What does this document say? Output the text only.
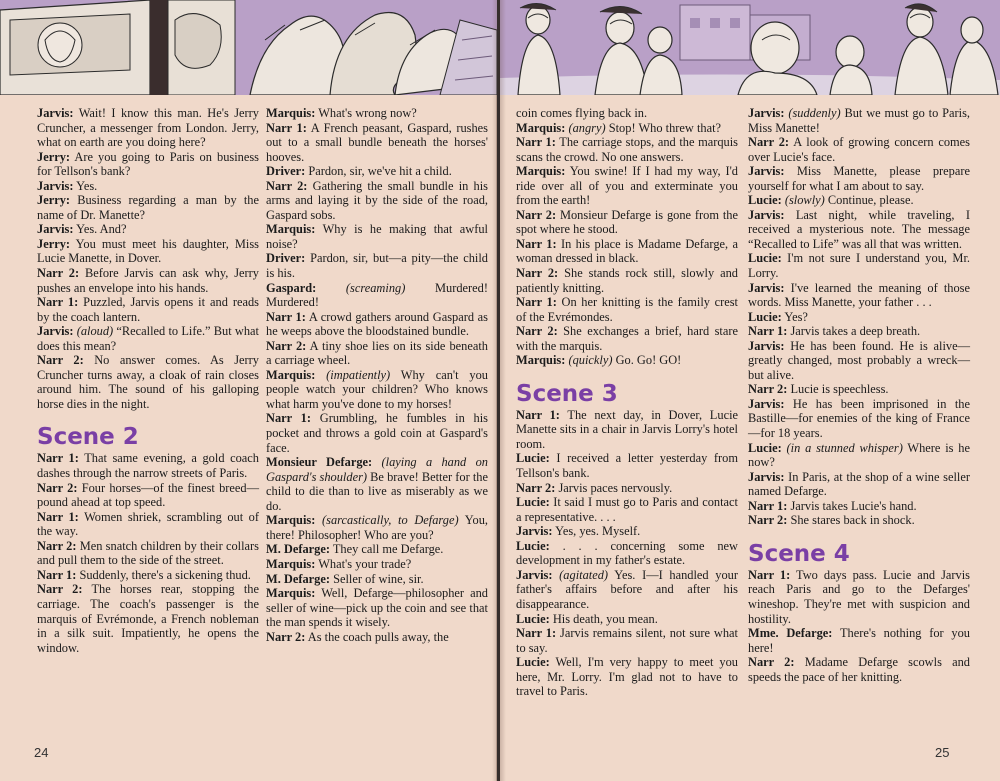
Jarvis: Wait! I know this man. He's Jerry Cruncher, a messenger from London. Jerry, what on earth are you doing here?

Jerry: Are you going to Paris on business for Tellson's bank?

Jarvis: Yes.

Jerry: Business regarding a man by the name of Dr. Manette?

Jarvis: Yes. And?

Jerry: You must meet his daughter, Miss Lucie Manette, in Dover.

Narr 2: Before Jarvis can ask why, Jerry pushes an envelope into his hands.

Narr 1: Puzzled, Jarvis opens it and reads by the coach lantern.

Jarvis: (aloud) “Recalled to Life.” But what does this mean?

Narr 2: No answer comes. As Jerry Cruncher turns away, a cloak of rain closes around him. The sound of his galloping horse dies in the night.

Scene 2

Narr 1: That same evening, a gold coach dashes through the narrow streets of Paris.

Narr 2: Four horses—of the finest breed—pound ahead at top speed.

Narr 1: Women shriek, scrambling out of the way.

Narr 2: Men snatch children by their collars and pull them to the side of the street.

Narr 1: Suddenly, there's a sickening thud.

Narr 2: The horses rear, stopping the carriage. The coach's passenger is the marquis of Evrémonde, a French nobleman in a silk suit. Impatiently, he opens the window.

Marquis: What's wrong now?

Narr 1: A French peasant, Gaspard, rushes out to a small bundle beneath the horses' hooves.

Driver: Pardon, sir, we've hit a child.

Narr 2: Gathering the small bundle in his arms and laying it by the side of the road, Gaspard sobs.

Marquis: Why is he making that awful noise?

Driver: Pardon, sir, but—a pity—the child is his.

Gaspard: (screaming) Murdered! Murdered!

Narr 1: A crowd gathers around Gaspard as he weeps above the bloodstained bundle.

Narr 2: A tiny shoe lies on its side beneath a carriage wheel.

Marquis: (impatiently) Why can't you people watch your children? Who knows what harm you've done to my horses!

Narr 1: Grumbling, he fumbles in his pocket and throws a gold coin at Gaspard's face.

Monsieur Defarge: (laying a hand on Gaspard's shoulder) Be brave! Better for the child to die than to live as miserably as we do.

Marquis: (sarcastically, to Defarge) You, there! Philosopher! Who are you?

M. Defarge: They call me Defarge.

Marquis: What's your trade?

M. Defarge: Seller of wine, sir.

Marquis: Well, Defarge—philosopher and seller of wine—pick up the coin and see that the man spends it wisely.

Narr 2: As the coach pulls away, the

coin comes flying back in.

Marquis: (angry) Stop! Who threw that?

Narr 1: The carriage stops, and the marquis scans the crowd. No one answers.

Marquis: You swine! If I had my way, I'd ride over all of you and exterminate you from the earth!

Narr 2: Monsieur Defarge is gone from the spot where he stood.

Narr 1: In his place is Madame Defarge, a woman dressed in black.

Narr 2: She stands rock still, slowly and patiently knitting.

Narr 1: On her knitting is the family crest of the Evrémondes.

Narr 2: She exchanges a brief, hard stare with the marquis.

Marquis: (quickly) Go. Go! GO!

Scene 3

Narr 1: The next day, in Dover, Lucie Manette sits in a chair in Jarvis Lorry's hotel room.

Lucie: I received a letter yesterday from Tellson's bank.

Narr 2: Jarvis paces nervously.

Lucie: It said I must go to Paris and contact a representative. . . .

Jarvis: Yes, yes. Myself.

Lucie: . . . concerning some new development in my father's estate.

Jarvis: (agitated) Yes. I—I handled your father's affairs before and after his disappearance.

Lucie: His death, you mean.

Narr 1: Jarvis remains silent, not sure what to say.

Lucie: Well, I'm very happy to meet you here, Mr. Lorry. I'm glad not to have to travel to Paris.

Jarvis: (suddenly) But we must go to Paris, Miss Manette!

Narr 2: A look of growing concern comes over Lucie's face.

Jarvis: Miss Manette, please prepare yourself for what I am about to say.

Lucie: (slowly) Continue, please.

Jarvis: Last night, while traveling, I received a mysterious note. The message “Recalled to Life” was all that was written.

Lucie: I'm not sure I understand you, Mr. Lorry.

Jarvis: I've learned the meaning of those words. Miss Manette, your father . . .

Lucie: Yes?

Narr 1: Jarvis takes a deep breath.

Jarvis: He has been found. He is alive—greatly changed, most probably a wreck—but alive.

Narr 2: Lucie is speechless.

Jarvis: He has been imprisoned in the Bastille—for enemies of the king of France—for 18 years.

Lucie: (in a stunned whisper) Where is he now?

Jarvis: In Paris, at the shop of a wine seller named Defarge.

Narr 1: Jarvis takes Lucie's hand.

Narr 2: She stares back in shock.

Scene 4

Narr 1: Two days pass. Lucie and Jarvis reach Paris and go to the Defarges' wineshop. They're met with suspicion and hostility.

Mme. Defarge: There's nothing for you here!

Narr 2: Madame Defarge scowls and speeds the pace of her knitting.

24	25
